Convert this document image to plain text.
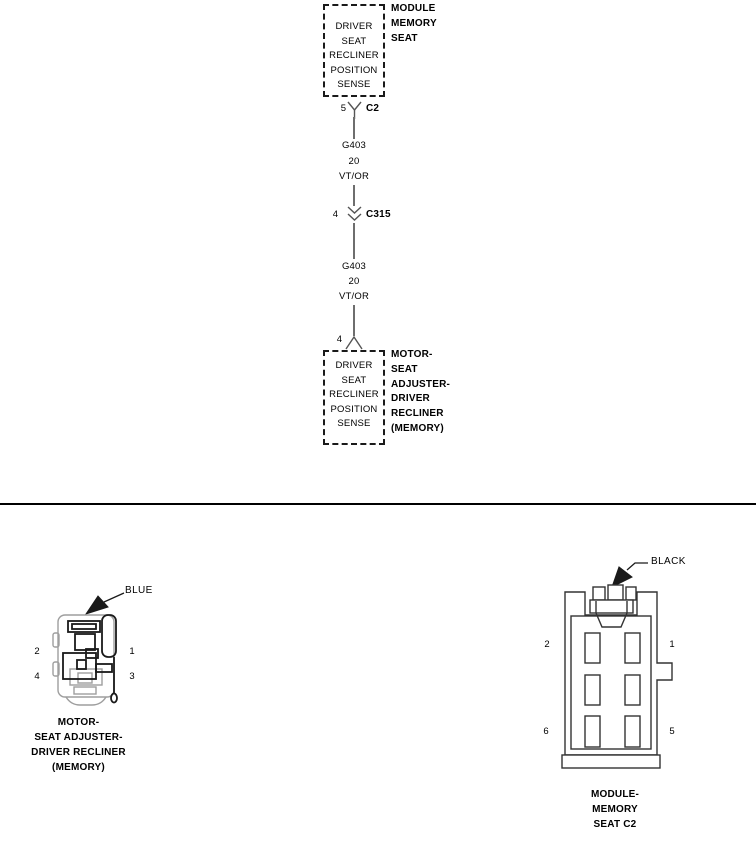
DRIVER
SEAT
RECLINER
POSITION
SENSE
MODULE
MEMORY
SEAT
5 C2
G403
20
VT/OR
4	C315
G403
20
VT/OR
4
DRIVER
SEAT
RECLINER
POSITION
SENSE
MOTOR-
SEAT
ADJUSTER-
DRIVER
RECLINER
(MEMORY)
BLUE
2	1
4	3
MOTOR-
SEAT ADJUSTER-
DRIVER RECLINER
(MEMORY)
BLACK
2	1
6	5
MODULE-
MEMORY
SEAT C2
